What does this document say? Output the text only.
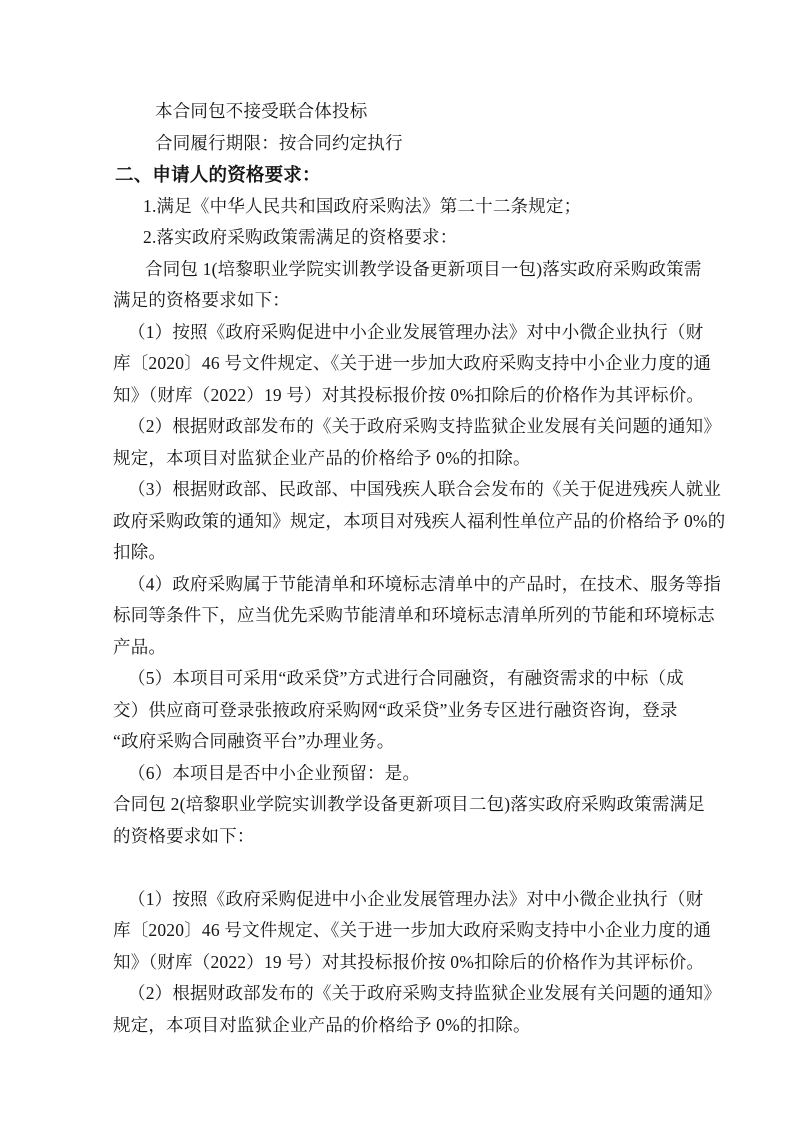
本合同包不接受联合体投标
合同履行期限：按合同约定执行
二、申请人的资格要求：
1.满足《中华人民共和国政府采购法》第二十二条规定；
2.落实政府采购政策需满足的资格要求：
合同包 1(培黎职业学院实训教学设备更新项目一包)落实政府采购政策需
满足的资格要求如下：
（1）按照《政府采购促进中小企业发展管理办法》对中小微企业执行（财
库〔2020〕46 号文件规定、《关于进一步加大政府采购支持中小企业力度的通
知》（财库（2022）19 号）对其投标报价按 0%扣除后的价格作为其评标价。
（2）根据财政部发布的《关于政府采购支持监狱企业发展有关问题的通知》
规定，本项目对监狱企业产品的价格给予 0%的扣除。
（3）根据财政部、民政部、中国残疾人联合会发布的《关于促进残疾人就业
政府采购政策的通知》规定，本项目对残疾人福利性单位产品的价格给予 0%的
扣除。
（4）政府采购属于节能清单和环境标志清单中的产品时，在技术、服务等指
标同等条件下，应当优先采购节能清单和环境标志清单所列的节能和环境标志
产品。
（5）本项目可采用“政采贷”方式进行合同融资，有融资需求的中标（成
交）供应商可登录张掖政府采购网“政采贷”业务专区进行融资咨询，登录
“政府采购合同融资平台”办理业务。
（6）本项目是否中小企业预留：是。
合同包 2(培黎职业学院实训教学设备更新项目二包)落实政府采购政策需满足
的资格要求如下：
（1）按照《政府采购促进中小企业发展管理办法》对中小微企业执行（财
库〔2020〕46 号文件规定、《关于进一步加大政府采购支持中小企业力度的通
知》（财库（2022）19 号）对其投标报价按 0%扣除后的价格作为其评标价。
（2）根据财政部发布的《关于政府采购支持监狱企业发展有关问题的通知》
规定，本项目对监狱企业产品的价格给予 0%的扣除。
